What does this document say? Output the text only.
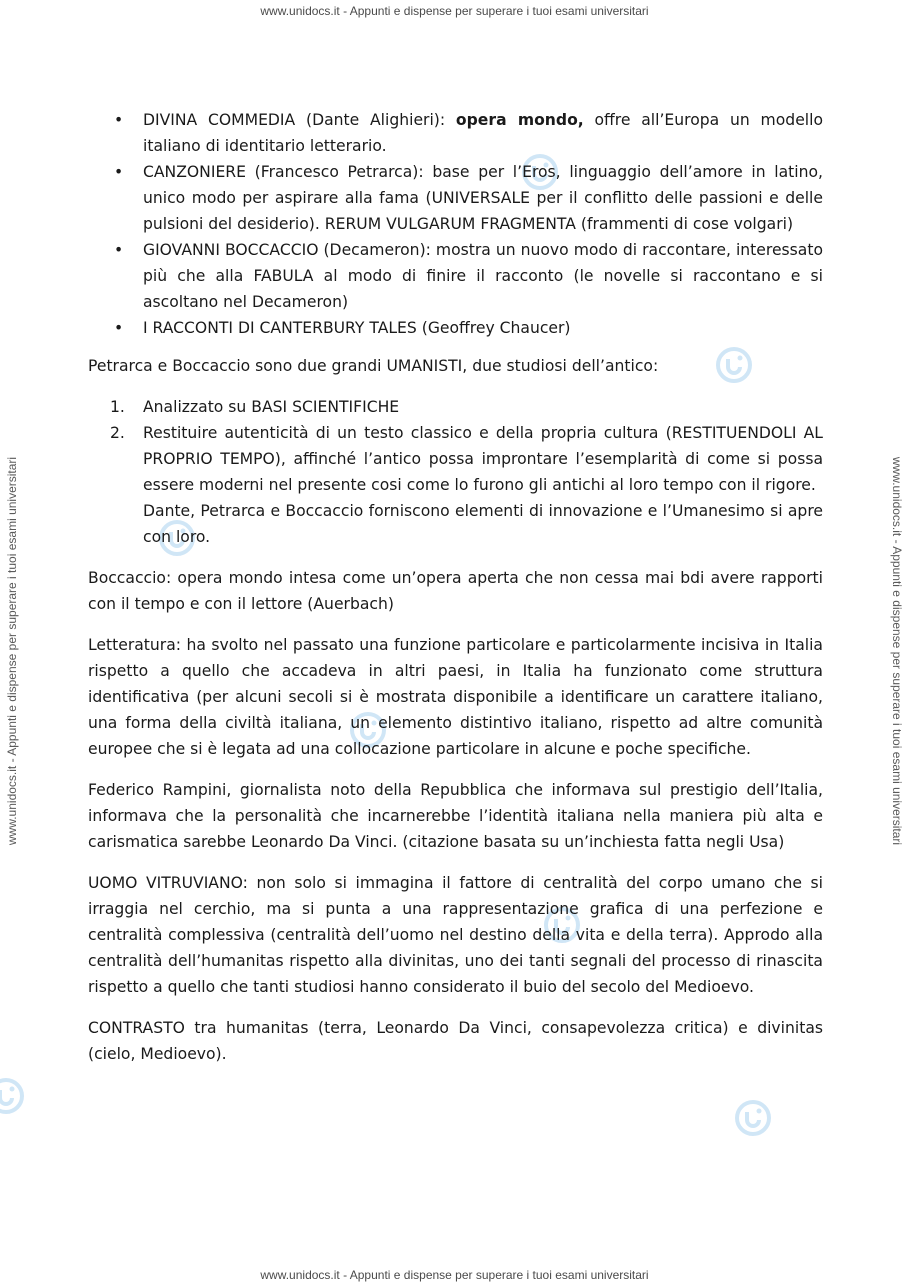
www.unidocs.it - Appunti e dispense per superare i tuoi esami universitari
www.unidocs.it - Appunti e dispense per superare i tuoi esami universitari	www.unidocs.it - Appunti e dispense per superare i tuoi esami universitari
• DIVINA COMMEDIA (Dante Alighieri): opera mondo, offre all’Europa un modello italiano di identitario letterario.
• CANZONIERE (Francesco Petrarca): base per l’Eros, linguaggio dell’amore in latino, unico modo per aspirare alla fama (UNIVERSALE per il conflitto delle passioni e delle pulsioni del desiderio). RERUM VULGARUM FRAGMENTA (frammenti di cose volgari)
• GIOVANNI BOCCACCIO (Decameron): mostra un nuovo modo di raccontare, interessato più che alla FABULA al modo di finire il racconto (le novelle si raccontano e si ascoltano nel Decameron)
• I RACCONTI DI CANTERBURY TALES (Geoffrey Chaucer)

Petrarca e Boccaccio sono due grandi UMANISTI, due studiosi dell’antico:

1. Analizzato su BASI SCIENTIFICHE
2. Restituire autenticità di un testo classico e della propria cultura (RESTITUENDOLI AL PROPRIO TEMPO), affinché l’antico possa improntare l’esemplarità di come si possa essere moderni nel presente cosi come lo furono gli antichi al loro tempo con il rigore.
Dante, Petrarca e Boccaccio forniscono elementi di innovazione e l’Umanesimo si apre con loro.

Boccaccio: opera mondo intesa come un’opera aperta che non cessa mai bdi avere rapporti con il tempo e con il lettore (Auerbach)

Letteratura: ha svolto nel passato una funzione particolare e particolarmente incisiva in Italia rispetto a quello che accadeva in altri paesi, in Italia ha funzionato come struttura identificativa (per alcuni secoli si è mostrata disponibile a identificare un carattere italiano, una forma della civiltà italiana, un elemento distintivo italiano, rispetto ad altre comunità europee che si è legata ad una collocazione particolare in alcune e poche specifiche.

Federico Rampini, giornalista noto della Repubblica che informava sul prestigio dell’Italia, informava che la personalità che incarnerebbe l’identità italiana nella maniera più alta e carismatica sarebbe Leonardo Da Vinci. (citazione basata su un’inchiesta fatta negli Usa)

UOMO VITRUVIANO: non solo si immagina il fattore di centralità del corpo umano che si irraggia nel cerchio, ma si punta a una rappresentazione grafica di una perfezione e centralità complessiva (centralità dell’uomo nel destino della vita e della terra). Approdo alla centralità dell’humanitas rispetto alla divinitas, uno dei tanti segnali del processo di rinascita rispetto a quello che tanti studiosi hanno considerato il buio del secolo del Medioevo.

CONTRASTO tra humanitas (terra, Leonardo Da Vinci, consapevolezza critica) e divinitas (cielo, Medioevo).

www.unidocs.it - Appunti e dispense per superare i tuoi esami universitari
